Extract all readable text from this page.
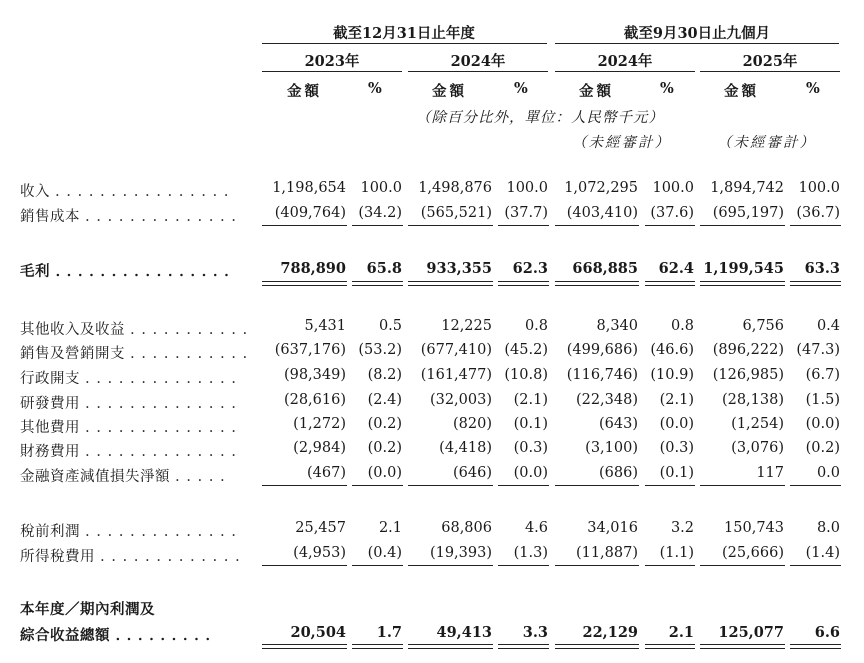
截至12月31日止年度	截至9月30日止九個月
2023年	2024年	2024年	2025年
金額	%	金額	%	金額	%	金額	%
（除百分比外，單位：人民幣千元）
（未經審計）	（未經審計）
收入 ．．．．．．．．．．．．．．．．	1,198,654 100.0	1,498,876 100.0	1,072,295 100.0	1,894,742 100.0
銷售成本 ．．．．．．．．．．．．．．	(409,764) (34.2)	(565,521) (37.7)	(403,410) (37.6)	(695,197) (36.7)
毛利 ．．．．．．．．．．．．．．．．	788,890	65.8	933,355	62.3	668,885	62.4 1,199,545	63.3
其他收入及收益 ．．．．．．．．．．．	5,431	0.5	12,225	0.8	8,340	0.8	6,756	0.4
銷售及營銷開支 ．．．．．．．．．．． (637,176) (53.2)	(677,410) (45.2)	(499,686) (46.6)	(896,222) (47.3)
行政開支 ．．．．．．．．．．．．．．	(98,349)	(8.2)	(161,477) (10.8)	(116,746) (10.9)	(126,985)	(6.7)
研發費用 ．．．．．．．．．．．．．．	(28,616)	(2.4)	(32,003)	(2.1)	(22,348)	(2.1)	(28,138)	(1.5)
其他費用 ．．．．．．．．．．．．．．	(1,272)	(0.2)	(820)	(0.1)	(643)	(0.0)	(1,254)	(0.0)
財務費用 ．．．．．．．．．．．．．．	(2,984)	(0.2)	(4,418)	(0.3)	(3,100)	(0.3)	(3,076)	(0.2)
金融資產減值損失淨額 ．．．．．	(467)	(0.0)	(646)	(0.0)	(686)	(0.1)	117	0.0
稅前利潤 ．．．．．．．．．．．．．．	25,457	2.1	68,806	4.6	34,016	3.2	150,743	8.0
所得稅費用 ．．．．．．．．．．．．．	(4,953)	(0.4)	(19,393)	(1.3)	(11,887)	(1.1)	(25,666)	(1.4)
本年度／期內利潤及
綜合收益總額 ．．．．．．．．．	20,504	1.7	49,413	3.3	22,129	2.1	125,077	6.6
